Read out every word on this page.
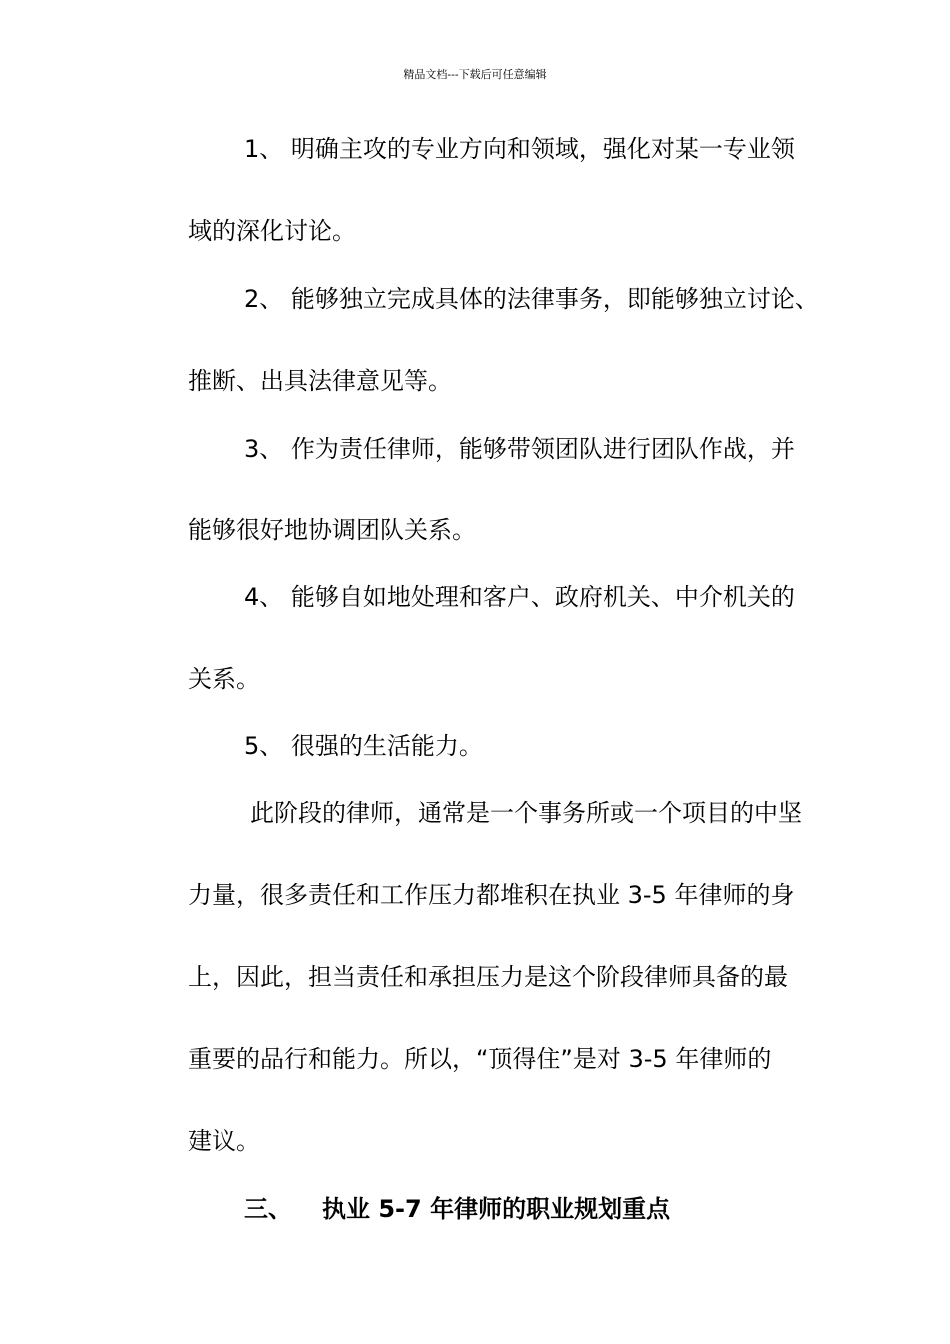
精品文档---下载后可任意编辑
1、 明确主攻的专业方向和领域，强化对某一专业领
域的深化讨论。
2、 能够独立完成具体的法律事务，即能够独立讨论、
推断、出具法律意见等。
3、 作为责任律师，能够带领团队进行团队作战，并
能够很好地协调团队关系。
4、 能够自如地处理和客户、政府机关、中介机关的
关系。
5、 很强的生活能力。
此阶段的律师，通常是一个事务所或一个项目的中坚
力量，很多责任和工作压力都堆积在执业 3-5 年律师的身
上，因此，担当责任和承担压力是这个阶段律师具备的最
重要的品行和能力。所以，“顶得住”是对 3-5 年律师的
建议。
三、 执业 5-7 年律师的职业规划重点
